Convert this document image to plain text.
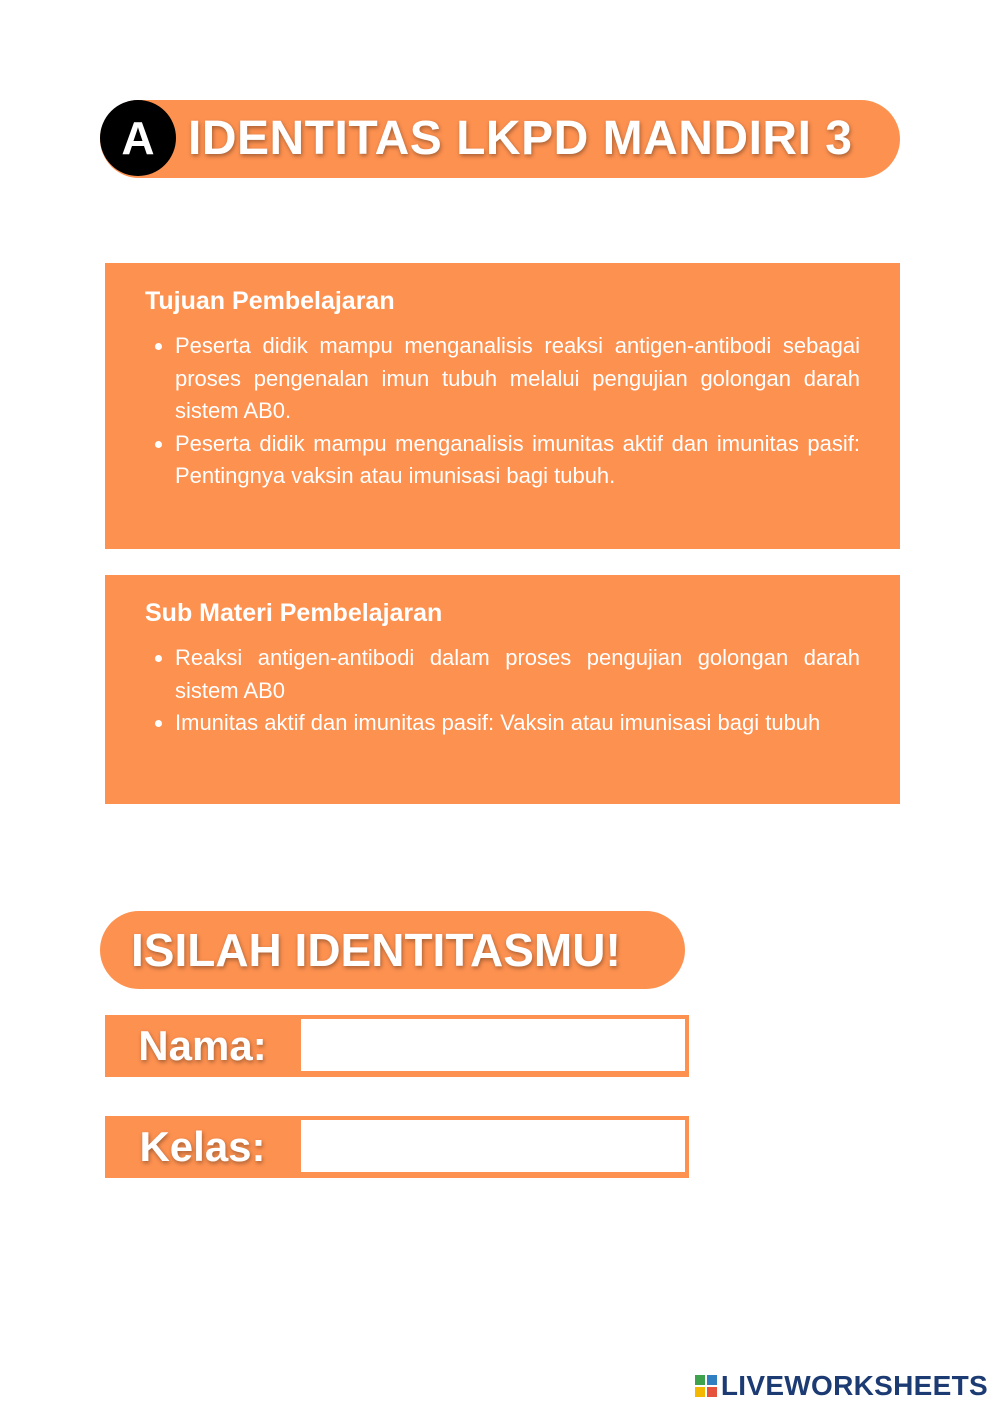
A IDENTITAS LKPD MANDIRI 3
Tujuan Pembelajaran
• Peserta didik mampu menganalisis reaksi antigen-antibodi sebagai proses pengenalan imun tubuh melalui pengujian golongan darah sistem AB0.
• Peserta didik mampu menganalisis imunitas aktif dan imunitas pasif: Pentingnya vaksin atau imunisasi bagi tubuh.
Sub Materi Pembelajaran
• Reaksi antigen-antibodi dalam proses pengujian golongan darah sistem AB0
• Imunitas aktif dan imunitas pasif: Vaksin atau imunisasi bagi tubuh
ISILAH IDENTITASMU!
Nama:
Kelas:
LIVEWORKSHEETS
